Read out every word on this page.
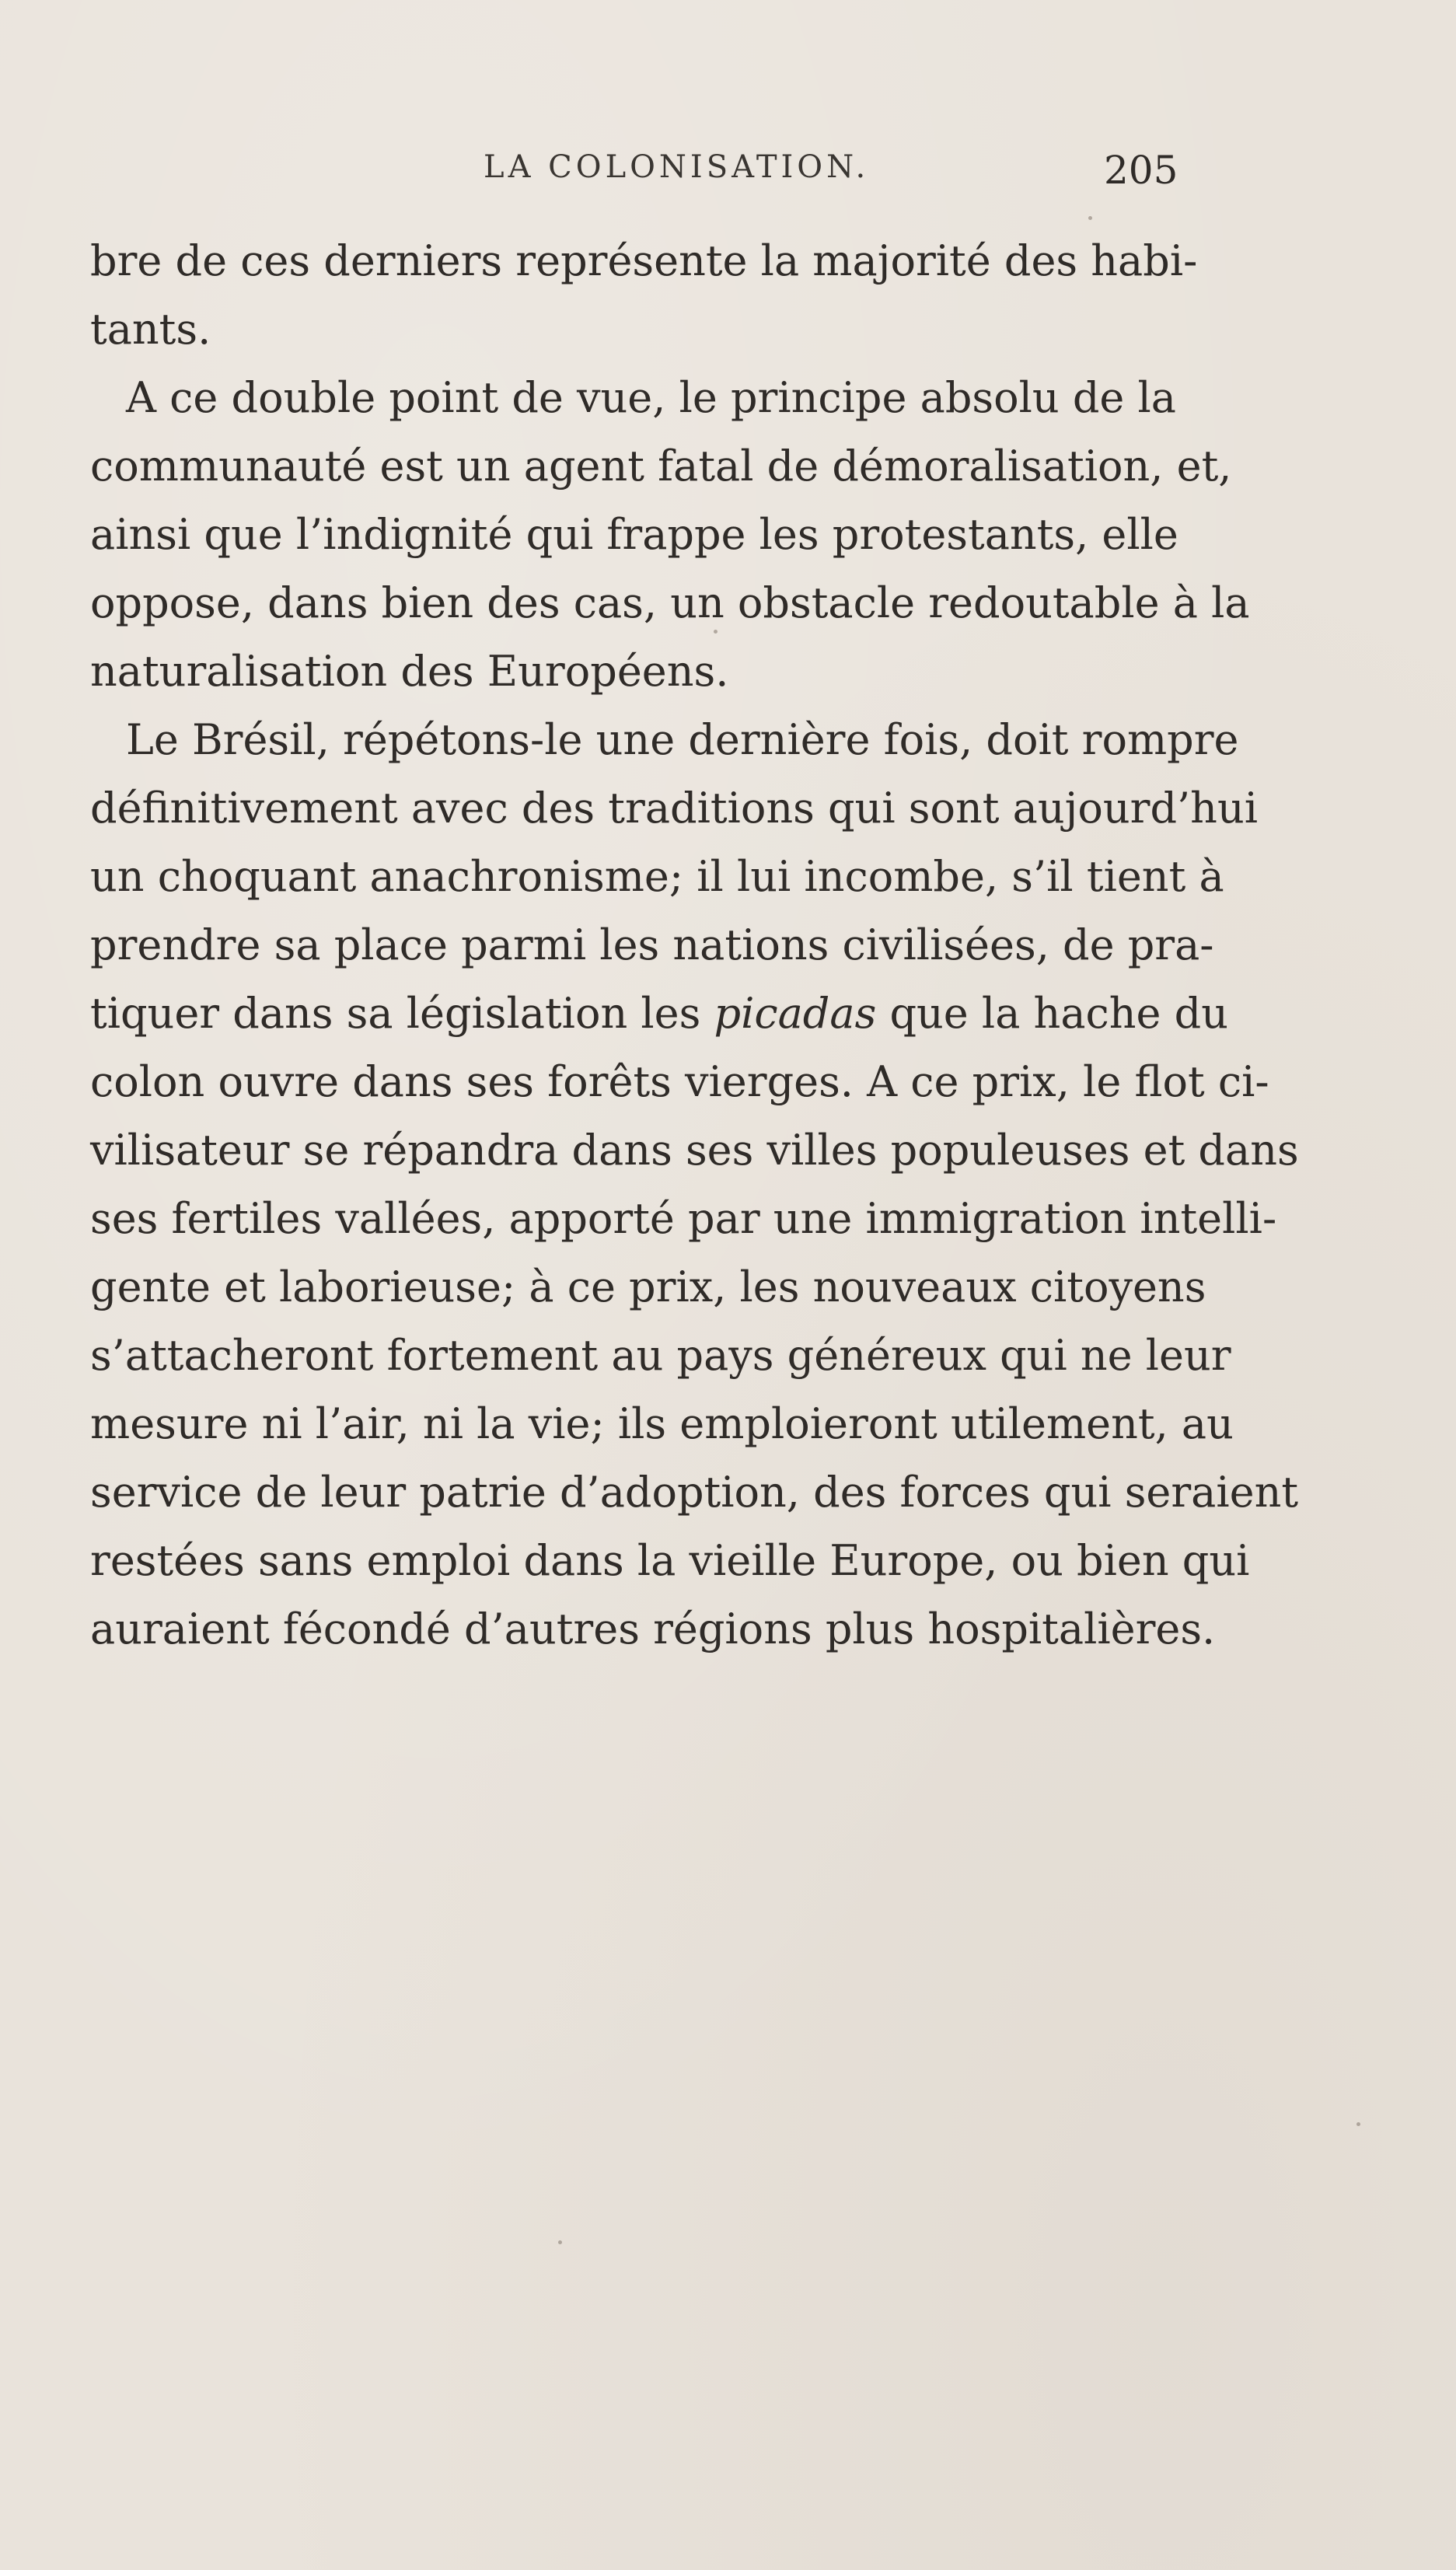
LA COLONISATION.	205
bre de ces derniers représente la majorité des habi-
tants.
A ce double point de vue, le principe absolu de la
communauté est un agent fatal de démoralisation, et,
ainsi que l’indignité qui frappe les protestants, elle
oppose, dans bien des cas, un obstacle redoutable à la
naturalisation des Européens.
Le Brésil, répétons-le une dernière fois, doit rompre
définitivement avec des traditions qui sont aujourd’hui
un choquant anachronisme; il lui incombe, s’il tient à
prendre sa place parmi les nations civilisées, de pra-
tiquer dans sa législation les picadas que la hache du
colon ouvre dans ses forêts vierges. A ce prix, le flot ci-
vilisateur se répandra dans ses villes populeuses et dans
ses fertiles vallées, apporté par une immigration intelli-
gente et laborieuse; à ce prix, les nouveaux citoyens
s’attacheront fortement au pays généreux qui ne leur
mesure ni l’air, ni la vie; ils emploieront utilement, au
service de leur patrie d’adoption, des forces qui seraient
restées sans emploi dans la vieille Europe, ou bien qui
auraient fécondé d’autres régions plus hospitalières.
